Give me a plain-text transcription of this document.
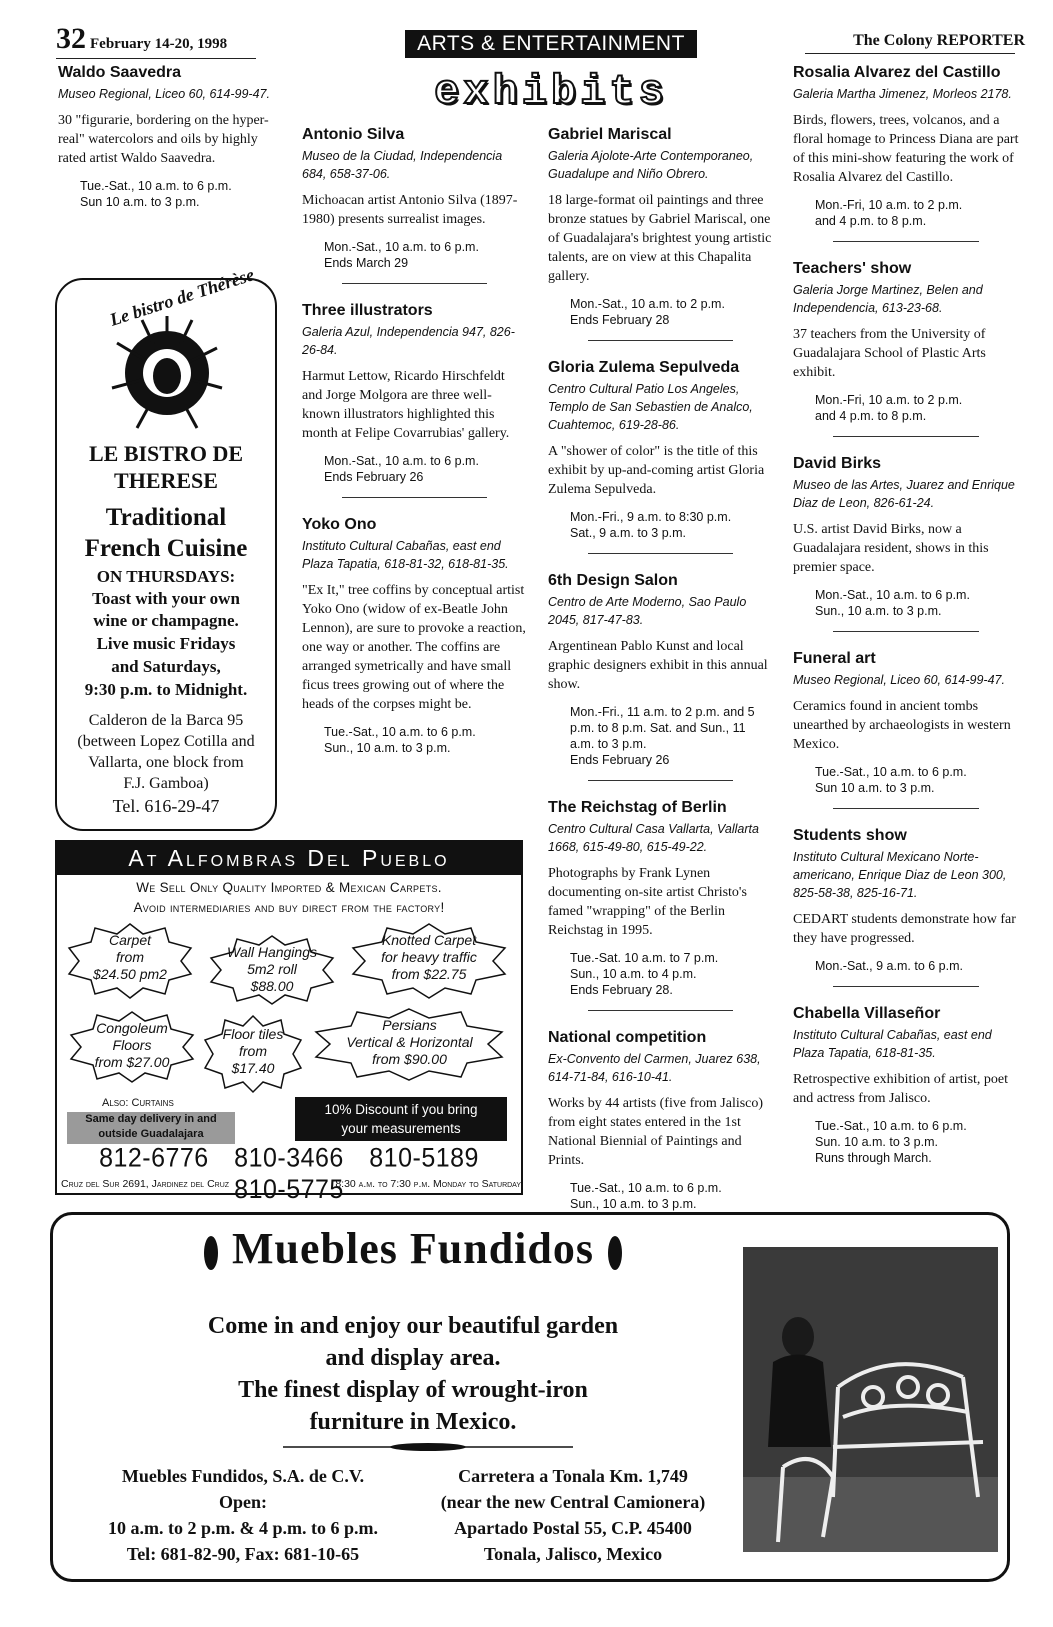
32 February 14-20, 1998	ARTS & ENTERTAINMENT
exhibits
The Colony REPORTER
Waldo Saavedra
Museo Regional, Liceo 60, 614-99-47.
30 "figurarie, bordering on the hyper-real" watercolors and oils by highly rated artist Waldo Saavedra.
Tue.-Sat., 10 a.m. to 6 p.m.
Sun 10 a.m. to 3 p.m.
Le bistro de Thérèse
LE BISTRO DE
THERESE
Traditional
French Cuisine
ON THURSDAYS:
Toast with your own
wine or champagne.
Live music Fridays
and Saturdays,
9:30 p.m. to Midnight.
Calderon de la Barca 95
(between Lopez Cotilla and
Vallarta, one block from
F.J. Gamboa)
Tel. 616-29-47
Antonio Silva
Museo de la Ciudad, Independencia 684, 658-37-06.
Michoacan artist Antonio Silva (1897-1980) presents surrealist images.
Mon.-Sat., 10 a.m. to 6 p.m.
Ends March 29
Three illustrators
Galeria Azul, Independencia 947, 826-26-84.
Harmut Lettow, Ricardo Hirschfeldt and Jorge Molgora are three well-known illustrators highlighted this month at Felipe Covarrubias' gallery.
Mon.-Sat., 10 a.m. to 6 p.m.
Ends February 26
Yoko Ono
Instituto Cultural Cabañas, east end Plaza Tapatia, 618-81-32, 618-81-35.
"Ex It," tree coffins by conceptual artist Yoko Ono (widow of ex-Beatle John Lennon), are sure to provoke a reaction, one way or another. The coffins are arranged symetrically and have small ficus trees growing out of where the heads of the corpses might be.
Tue.-Sat., 10 a.m. to 6 p.m.
Sun., 10 a.m. to 3 p.m.
Gabriel Mariscal
Galeria Ajolote-Arte Contemporaneo, Guadalupe and Niño Obrero.
18 large-format oil paintings and three bronze statues by Gabriel Mariscal, one of Guadalajara's brightest young artistic talents, are on view at this Chapalita gallery.
Mon.-Sat., 10 a.m. to 2 p.m.
Ends February 28
Gloria Zulema Sepulveda
Centro Cultural Patio Los Angeles, Templo de San Sebastien de Analco, Cuahtemoc, 619-28-86.
A "shower of color" is the title of this exhibit by up-and-coming artist Gloria Zulema Sepulveda.
Mon.-Fri., 9 a.m. to 8:30 p.m.
Sat., 9 a.m. to 3 p.m.
6th Design Salon
Centro de Arte Moderno, Sao Paulo 2045, 817-47-83.
Argentinean Pablo Kunst and local graphic designers exhibit in this annual show.
Mon.-Fri., 11 a.m. to 2 p.m. and 5 p.m. to 8 p.m. Sat. and Sun., 11 a.m. to 3 p.m.
Ends February 26
The Reichstag of Berlin
Centro Cultural Casa Vallarta, Vallarta 1668, 615-49-80, 615-49-22.
Photographs by Frank Lynen documenting on-site artist Christo's famed "wrapping" of the Berlin Reichstag in 1995.
Tue.-Sat. 10 a.m. to 7 p.m.
Sun., 10 a.m. to 4 p.m.
Ends February 28.
National competition
Ex-Convento del Carmen, Juarez 638, 614-71-84, 616-10-41.
Works by 44 artists (five from Jalisco) from eight states entered in the 1st National Biennial of Paintings and Prints.
Tue.-Sat., 10 a.m. to 6 p.m.
Sun., 10 a.m. to 3 p.m.
Rosalia Alvarez del Castillo
Galeria Martha Jimenez, Morleos 2178.
Birds, flowers, trees, volcanos, and a floral homage to Princess Diana are part of this mini-show featuring the work of Rosalia Alvarez del Castillo.
Mon.-Fri, 10 a.m. to 2 p.m.
and 4 p.m. to 8 p.m.
Teachers' show
Galeria Jorge Martinez, Belen and Independencia, 613-23-68.
37 teachers from the University of Guadalajara School of Plastic Arts exhibit.
Mon.-Fri, 10 a.m. to 2 p.m.
and 4 p.m. to 8 p.m.
David Birks
Museo de las Artes, Juarez and Enrique Diaz de Leon, 826-61-24.
U.S. artist David Birks, now a Guadalajara resident, shows in this premier space.
Mon.-Sat., 10 a.m. to 6 p.m.
Sun., 10 a.m. to 3 p.m.
Funeral art
Museo Regional, Liceo 60, 614-99-47.
Ceramics found in ancient tombs unearthed by archaeologists in western Mexico.
Tue.-Sat., 10 a.m. to 6 p.m.
Sun 10 a.m. to 3 p.m.
Students show
Instituto Cultural Mexicano Norte-americano, Enrique Diaz de Leon 300, 825-58-38, 825-16-71.
CEDART students demonstrate how far they have progressed.
Mon.-Sat., 9 a.m. to 6 p.m.
Chabella Villaseñor
Instituto Cultural Cabañas, east end Plaza Tapatia, 618-81-35.
Retrospective exhibition of artist, poet and actress from Jalisco.
Tue.-Sat., 10 a.m. to 6 p.m.
Sun. 10 a.m. to 3 p.m.
Runs through March.
At Alfombras Del Pueblo
We Sell Only Quality Imported & Mexican Carpets.
Avoid intermediaries and buy direct from the factory!
Carpet
from
$24.50 pm2
Wall Hangings
5m2 roll
$88.00
Knotted Carpet
for heavy traffic
from $22.75
Congoleum
Floors
from $27.00
Floor tiles
from
$17.40
Persians
Vertical & Horizontal
from $90.00
Also: Curtains
Same day delivery in and
outside Guadalajara
10% Discount if you bring
your measurements
812-6776 810-3466 810-5189 810-5775
Cruz del Sur 2691, Jardinez del Cruz	8:30 a.m. to 7:30 p.m. Monday to Saturday
Muebles Fundidos
Come in and enjoy our beautiful garden
and display area.
The finest display of wrought-iron
furniture in Mexico.
Muebles Fundidos, S.A. de C.V.
Open:
10 a.m. to 2 p.m. & 4 p.m. to 6 p.m.
Tel: 681-82-90, Fax: 681-10-65
Carretera a Tonala Km. 1,749
(near the new Central Camionera)
Apartado Postal 55, C.P. 45400
Tonala, Jalisco, Mexico
